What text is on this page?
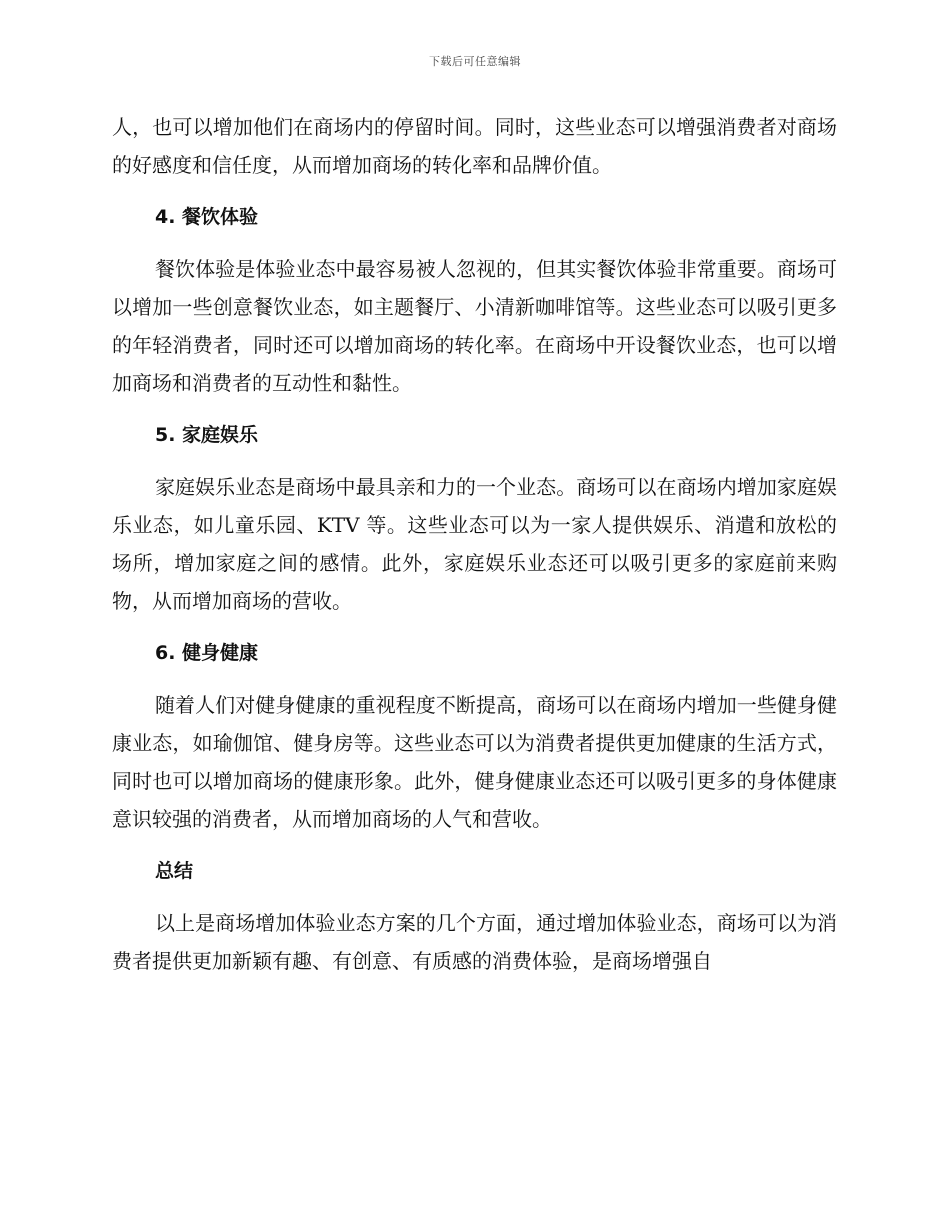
下载后可任意编辑

人，也可以增加他们在商场内的停留时间。同时，这些业态可以增强消费者对商场的好感度和信任度，从而增加商场的转化率和品牌价值。

4. 餐饮体验

餐饮体验是体验业态中最容易被人忽视的，但其实餐饮体验非常重要。商场可以增加一些创意餐饮业态，如主题餐厅、小清新咖啡馆等。这些业态可以吸引更多的年轻消费者，同时还可以增加商场的转化率。在商场中开设餐饮业态，也可以增加商场和消费者的互动性和黏性。

5. 家庭娱乐

家庭娱乐业态是商场中最具亲和力的一个业态。商场可以在商场内增加家庭娱乐业态，如儿童乐园、KTV 等。这些业态可以为一家人提供娱乐、消遣和放松的场所，增加家庭之间的感情。此外，家庭娱乐业态还可以吸引更多的家庭前来购物，从而增加商场的营收。

6. 健身健康

随着人们对健身健康的重视程度不断提高，商场可以在商场内增加一些健身健康业态，如瑜伽馆、健身房等。这些业态可以为消费者提供更加健康的生活方式，同时也可以增加商场的健康形象。此外，健身健康业态还可以吸引更多的身体健康意识较强的消费者，从而增加商场的人气和营收。

总结

以上是商场增加体验业态方案的几个方面，通过增加体验业态，商场可以为消费者提供更加新颖有趣、有创意、有质感的消费体验，是商场增强自
